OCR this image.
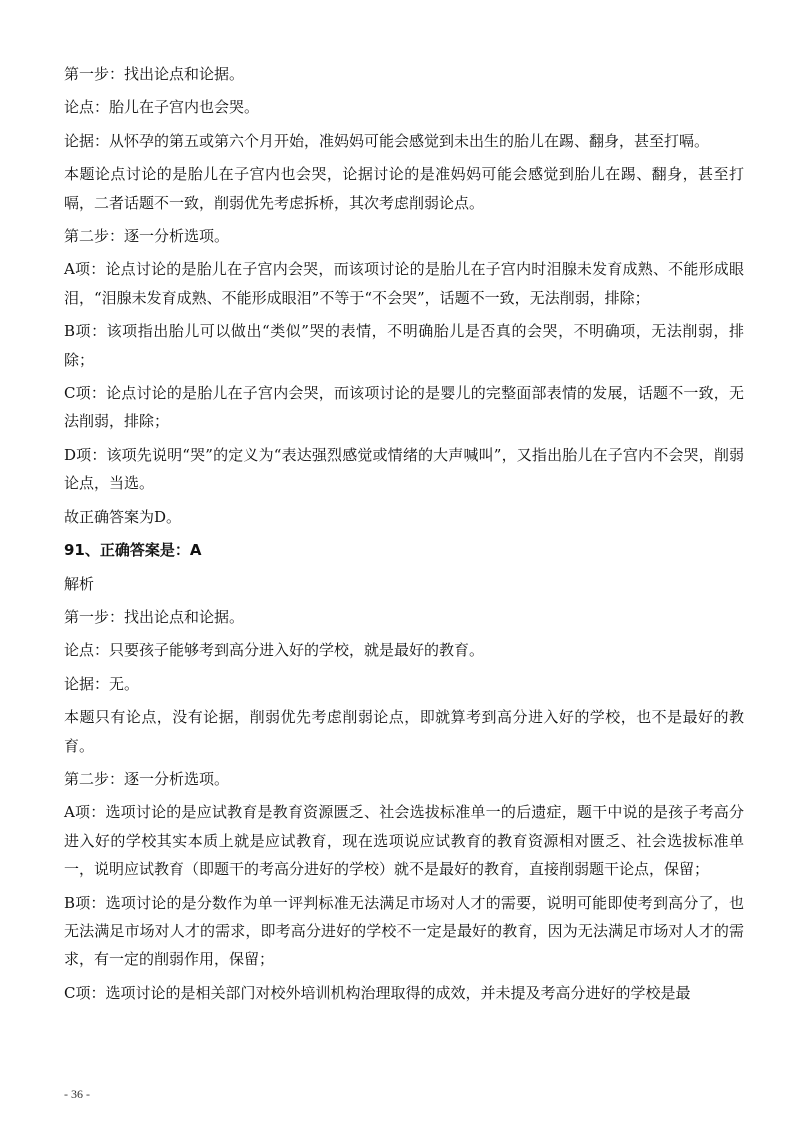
第一步：找出论点和论据。

论点：胎儿在子宫内也会哭。

论据：从怀孕的第五或第六个月开始，准妈妈可能会感觉到未出生的胎儿在踢、翻身，甚至打嗝。

本题论点讨论的是胎儿在子宫内也会哭，论据讨论的是准妈妈可能会感觉到胎儿在踢、翻身，甚至打嗝，二者话题不一致，削弱优先考虑拆桥，其次考虑削弱论点。

第二步：逐一分析选项。

A项：论点讨论的是胎儿在子宫内会哭，而该项讨论的是胎儿在子宫内时泪腺未发育成熟、不能形成眼泪，“泪腺未发育成熟、不能形成眼泪”不等于“不会哭”，话题不一致，无法削弱，排除；

B项：该项指出胎儿可以做出“类似”哭的表情，不明确胎儿是否真的会哭，不明确项，无法削弱，排除；

C项：论点讨论的是胎儿在子宫内会哭，而该项讨论的是婴儿的完整面部表情的发展，话题不一致，无法削弱，排除；

D项：该项先说明“哭”的定义为“表达强烈感觉或情绪的大声喊叫”，又指出胎儿在子宫内不会哭，削弱论点，当选。

故正确答案为D。

91、正确答案是：A

解析

第一步：找出论点和论据。

论点：只要孩子能够考到高分进入好的学校，就是最好的教育。

论据：无。

本题只有论点，没有论据，削弱优先考虑削弱论点，即就算考到高分进入好的学校，也不是最好的教育。

第二步：逐一分析选项。

A项：选项讨论的是应试教育是教育资源匮乏、社会选拔标准单一的后遗症，题干中说的是孩子考高分进入好的学校其实本质上就是应试教育，现在选项说应试教育的教育资源相对匮乏、社会选拔标准单一，说明应试教育（即题干的考高分进好的学校）就不是最好的教育，直接削弱题干论点，保留；

B项：选项讨论的是分数作为单一评判标准无法满足市场对人才的需要，说明可能即使考到高分了，也无法满足市场对人才的需求，即考高分进好的学校不一定是最好的教育，因为无法满足市场对人才的需求，有一定的削弱作用，保留；

C项：选项讨论的是相关部门对校外培训机构治理取得的成效，并未提及考高分进好的学校是最

- 36 -
